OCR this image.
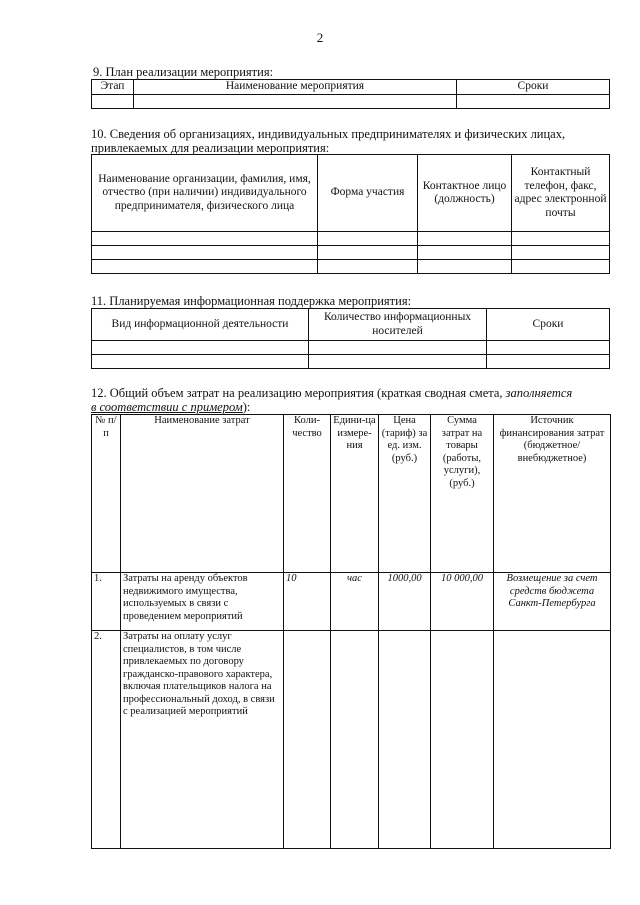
2
9. План реализации мероприятия:
Этап	Наименование мероприятия	Сроки

10. Сведения об организациях, индивидуальных предпринимателях и физических лицах,
привлекаемых для реализации мероприятия:
Наименование организации, фамилия, имя, отчество (при наличии) индивидуального предпринимателя, физического лица	Форма участия	Контактное лицо (должность)	Контактный телефон, факс, адрес электронной почты

11. Планируемая информационная поддержка мероприятия:
Вид информационной деятельности	Количество информационных носителей	Сроки

12. Общий объем затрат на реализацию мероприятия (краткая сводная смета, заполняется
в соответствии с примером):
№ п/п	Наименование затрат	Коли-чество	Едини-ца измере-ния	Цена (тариф) за ед. изм. (руб.)	Сумма затрат на товары (работы, услуги), (руб.)	Источник финансирования затрат (бюджетное/ внебюджетное)
1.	Затраты на аренду объектов недвижимого имущества, используемых в связи с проведением мероприятий	10	час	1000,00	10 000,00	Возмещение за счет средств бюджета Санкт-Петербурга
2.	Затраты на оплату услуг специалистов, в том числе привлекаемых по договору гражданско-правового характера, включая плательщиков налога на профессиональный доход, в связи с реализацией мероприятий					
